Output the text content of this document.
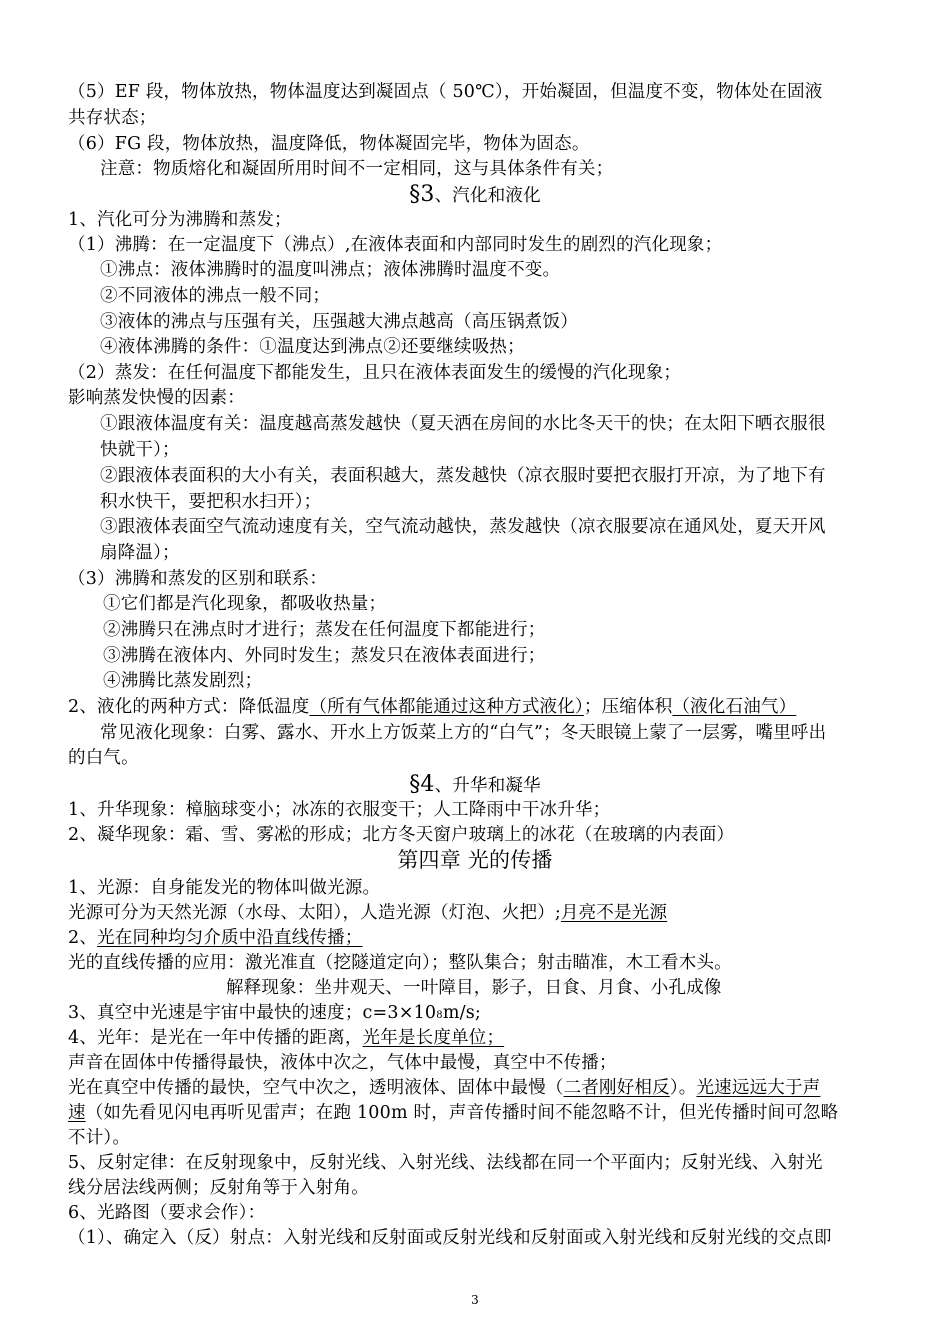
（5）EF 段，物体放热，物体温度达到凝固点（ 50℃），开始凝固，但温度不变，物体处在固液
共存状态；
（6）FG 段，物体放热，温度降低，物体凝固完毕，物体为固态。
注意：物质熔化和凝固所用时间不一定相同，这与具体条件有关；
§3、汽化和液化
1、汽化可分为沸腾和蒸发；
（1）沸腾：在一定温度下（沸点）,在液体表面和内部同时发生的剧烈的汽化现象；
➀沸点：液体沸腾时的温度叫沸点；液体沸腾时温度不变。
➁不同液体的沸点一般不同；
➂液体的沸点与压强有关，压强越大沸点越高（高压锅煮饭）
➃液体沸腾的条件：①温度达到沸点②还要继续吸热；
（2）蒸发：在任何温度下都能发生，且只在液体表面发生的缓慢的汽化现象；
影响蒸发快慢的因素：
➀跟液体温度有关：温度越高蒸发越快（夏天洒在房间的水比冬天干的快；在太阳下晒衣服很
快就干）；
➁跟液体表面积的大小有关，表面积越大，蒸发越快（凉衣服时要把衣服打开凉，为了地下有
积水快干，要把积水扫开）；
➂跟液体表面空气流动速度有关，空气流动越快，蒸发越快（凉衣服要凉在通风处，夏天开风
扇降温）；
（3）沸腾和蒸发的区别和联系：
➀它们都是汽化现象，都吸收热量；
➁沸腾只在沸点时才进行；蒸发在任何温度下都能进行；
➂沸腾在液体内、外同时发生；蒸发只在液体表面进行；
➃沸腾比蒸发剧烈；
2、液化的两种方式：降低温度（所有气体都能通过这种方式液化）；压缩体积（液化石油气）
常见液化现象：白雾、露水、开水上方饭菜上方的“白气”；冬天眼镜上蒙了一层雾，嘴里呼出
的白气。
§4、升华和凝华
1、升华现象：樟脑球变小；冰冻的衣服变干；人工降雨中干冰升华；
2、凝华现象：霜、雪、雾凇的形成；北方冬天窗户玻璃上的冰花（在玻璃的内表面）
第四章 光的传播
1、光源：自身能发光的物体叫做光源。
光源可分为天然光源（水母、太阳），人造光源（灯泡、火把）;月亮不是光源
2、光在同种均匀介质中沿直线传播；
光的直线传播的应用：激光准直（挖隧道定向）；整队集合；射击瞄准，木工看木头。
解释现象：坐井观天、一叶障目，影子，日食、月食、小孔成像
3、真空中光速是宇宙中最快的速度；c=3×108m/s;
4、光年：是光在一年中传播的距离，光年是长度单位；
声音在固体中传播得最快，液体中次之，气体中最慢，真空中不传播；
光在真空中传播的最快，空气中次之，透明液体、固体中最慢（二者刚好相反）。光速远远大于声
速（如先看见闪电再听见雷声；在跑 100m 时，声音传播时间不能忽略不计，但光传播时间可忽略
不计）。
5、反射定律：在反射现象中，反射光线、入射光线、法线都在同一个平面内；反射光线、入射光
线分居法线两侧；反射角等于入射角。
6、光路图（要求会作）：
（1）、确定入（反）射点：入射光线和反射面或反射光线和反射面或入射光线和反射光线的交点即
3
